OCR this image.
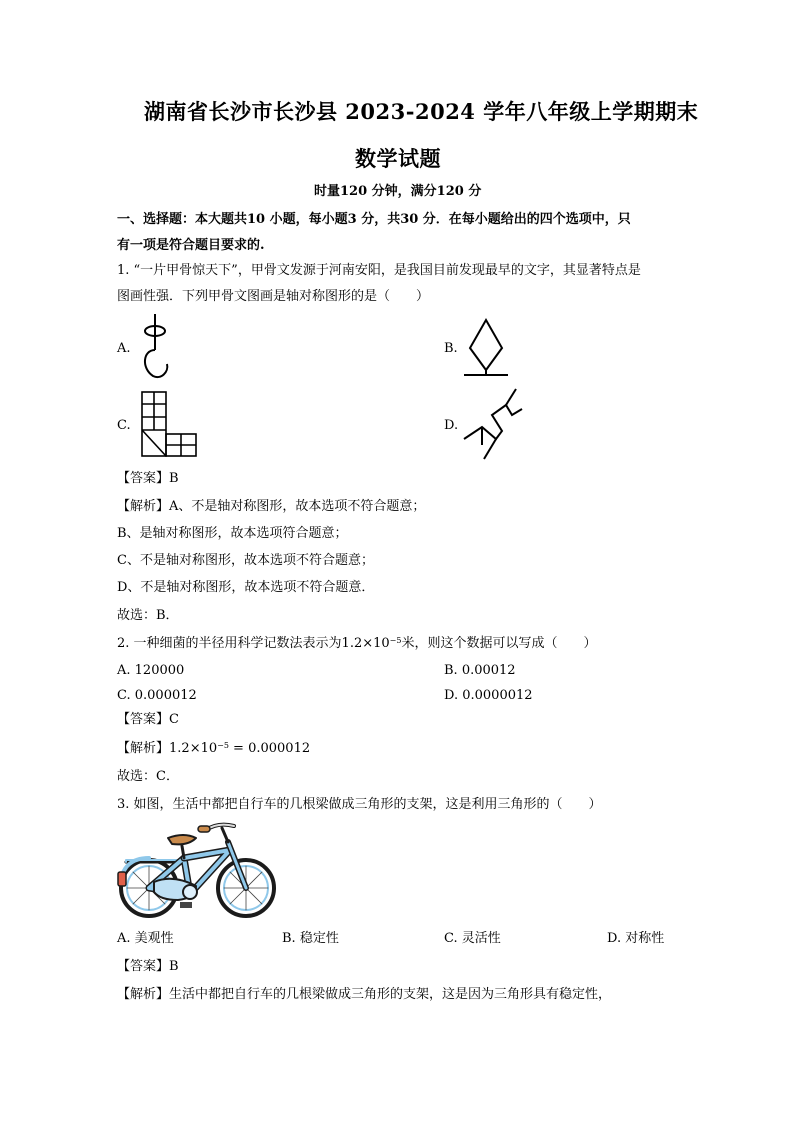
湖南省长沙市长沙县 2023-2024 学年八年级上学期期末
数学试题
时量120 分钟，满分120 分
一、选择题：本大题共10 小题，每小题3 分，共30 分．在每小题给出的四个选项中，只
有一项是符合题目要求的.
1. “一片甲骨惊天下”，甲骨文发源于河南安阳，是我国目前发现最早的文字，其显著特点是
图画性强．下列甲骨文图画是轴对称图形的是（　　）
A.	B.
C.	D.
【答案】B
【解析】A、不是轴对称图形，故本选项不符合题意；
B、是轴对称图形，故本选项符合题意；
C、不是轴对称图形，故本选项不符合题意；
D、不是轴对称图形，故本选项不符合题意．
故选：B．
2. 一种细菌的半径用科学记数法表示为$1.2\times 10^{-5}$米，则这个数据可以写成（　　）
A. 120000	B. 0.00012
C. 0.000012	D. 0.0000012
【答案】C
【解析】$1.2\times 10^{-5} = 0.000012$
故选：C．
3. 如图，生活中都把自行车的几根梁做成三角形的支架，这是利用三角形的（　　）
A. 美观性	B. 稳定性	C. 灵活性	D. 对称性
【答案】B
【解析】生活中都把自行车的几根梁做成三角形的支架，这是因为三角形具有稳定性，
